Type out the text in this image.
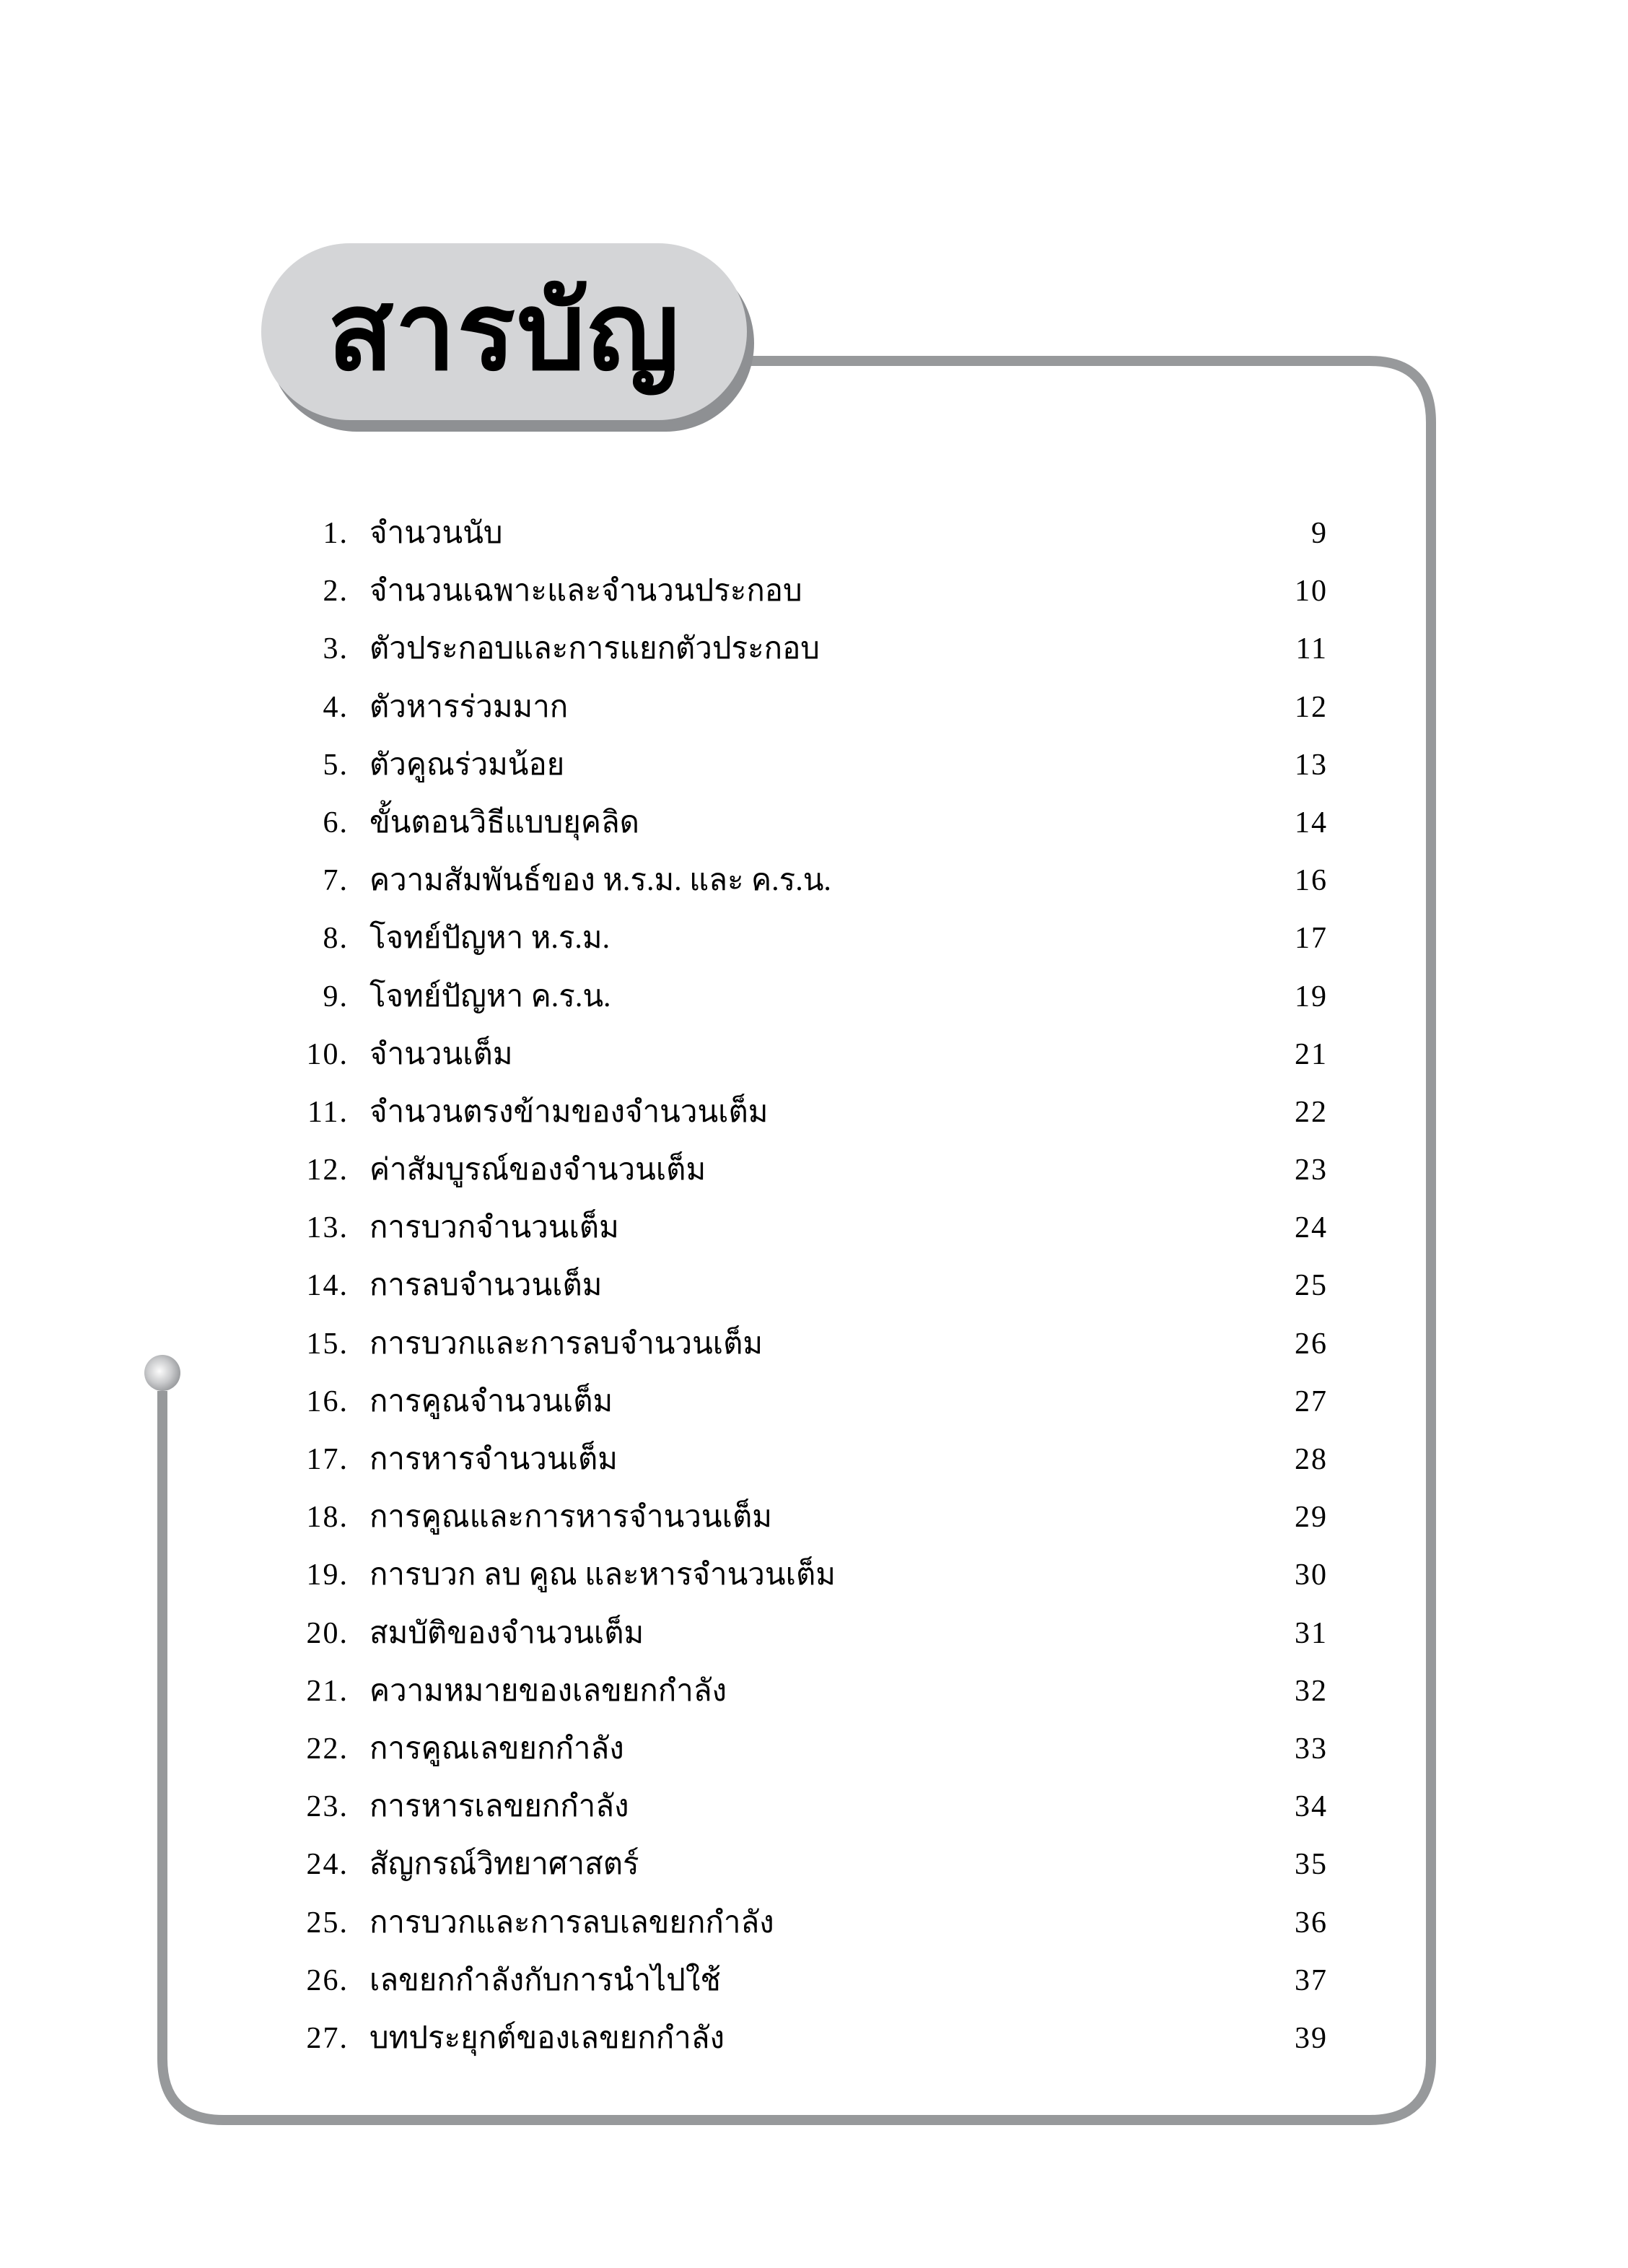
สารบัญ
1. จำนวนนับ	9
2. จำนวนเฉพาะและจำนวนประกอบ	10
3. ตัวประกอบและการแยกตัวประกอบ	11
4. ตัวหารร่วมมาก	12
5. ตัวคูณร่วมน้อย	13
6. ขั้นตอนวิธีแบบยุคลิด	14
7. ความสัมพันธ์ของ ห.ร.ม. และ ค.ร.น.	16
8. โจทย์ปัญหา ห.ร.ม.	17
9. โจทย์ปัญหา ค.ร.น.	19
10. จำนวนเต็ม	21
11. จำนวนตรงข้ามของจำนวนเต็ม	22
12. ค่าสัมบูรณ์ของจำนวนเต็ม	23
13. การบวกจำนวนเต็ม	24
14. การลบจำนวนเต็ม	25
15. การบวกและการลบจำนวนเต็ม	26
16. การคูณจำนวนเต็ม	27
17. การหารจำนวนเต็ม	28
18. การคูณและการหารจำนวนเต็ม	29
19. การบวก ลบ คูณ และหารจำนวนเต็ม	30
20. สมบัติของจำนวนเต็ม	31
21. ความหมายของเลขยกกำลัง	32
22. การคูณเลขยกกำลัง	33
23. การหารเลขยกกำลัง	34
24. สัญกรณ์วิทยาศาสตร์	35
25. การบวกและการลบเลขยกกำลัง	36
26. เลขยกกำลังกับการนำไปใช้	37
27. บทประยุกต์ของเลขยกกำลัง	39
